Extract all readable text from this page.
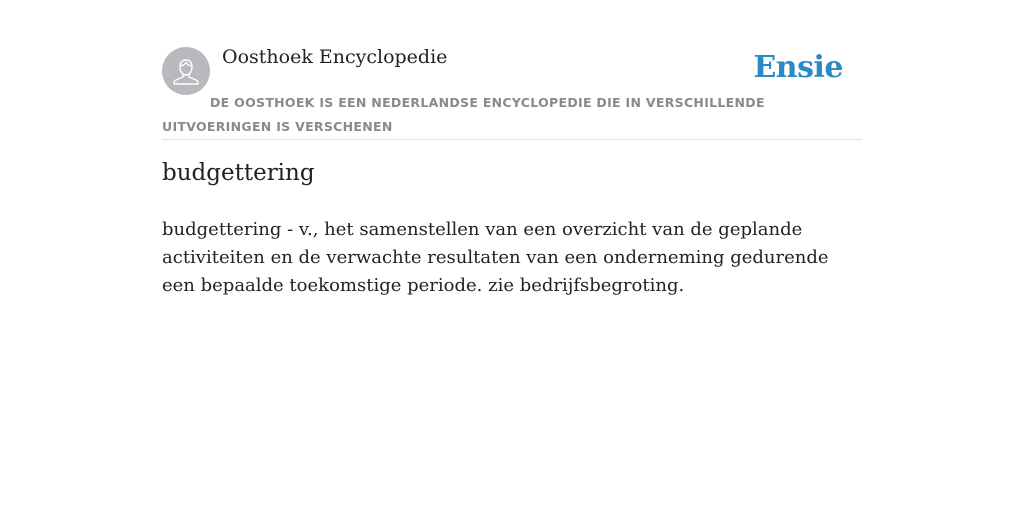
Oosthoek Encyclopedie	Ensie

DE OOSTHOEK IS EEN NEDERLANDSE ENCYCLOPEDIE DIE IN VERSCHILLENDE UITVOERINGEN IS VERSCHENEN

budgettering

budgettering - v., het samenstellen van een overzicht van de geplande activiteiten en de verwachte resultaten van een onderneming gedurende een bepaalde toekomstige periode. zie bedrijfsbegroting.
